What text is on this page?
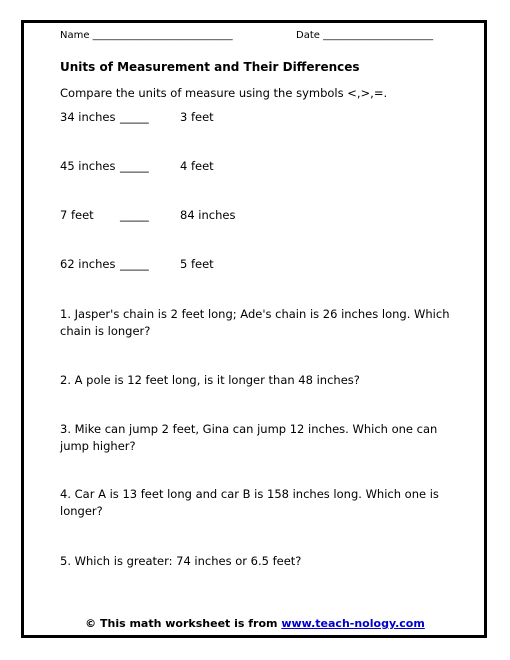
Name ____________________________	Date ______________________
Units of Measurement and Their Differences
Compare the units of measure using the symbols <,>,=.
34 inches _____	3 feet
45 inches _____	4 feet
7 feet _____	84 inches
62 inches _____	5 feet
1. Jasper's chain is 2 feet long; Ade's chain is 26 inches long. Which chain is longer?
2. A pole is 12 feet long, is it longer than 48 inches?
3. Mike can jump 2 feet, Gina can jump 12 inches. Which one can jump higher?
4. Car A is 13 feet long and car B is 158 inches long. Which one is longer?
5. Which is greater: 74 inches or 6.5 feet?
© This math worksheet is from www.teach-nology.com
